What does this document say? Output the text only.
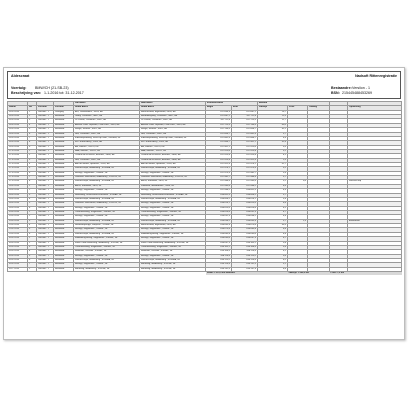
Aldescraat
Voertuig: BMW/CH (21-SB-23)
Beschrijving van: 1-1-2016 tot: 31-12-2017
Nadsoft Rittenregistratie
Bestaandre: Versiion - 1
BSN: 215445488453269
				Van Adres	Naar Adres	Kilometerstand		Afstand				
Datum	Rit	Persoon	Persoon	Straat Adres	Straat Adres	Begin	Eind	Zakelijk	Privé	Omweg		Opmerking
26-6-2016	1	Versiion - 1	Vestiging	A/S, Teuwenderis , 4993, BE	Bernnerstord, Blgenaarte, 4993, BE	187.644,3	187.687,2	19,7				
26-6-2016	2	Versiion - 1	Bestaand	Guthy, Chaumon , 4887, BE	Beemtbergweg, Chaumon , 4887, BE	187.687,2	187.711,8	12,5				
26-6-2016	3	Versiion - 1	Bestaand	Le Lienne, Chaumon , 4887, BE	Le Lienne, Chaumon , 4887, BE	187.711,8	187.723,5	11,7				
26-6-2016	4	Versiion - 1	Bestaand	Avenue Louis Lepoutre, Pole-Pons , 4933, BE	Avenue Louis Lepoutre, Pole-Pons , 4933, BE	187.723,5	187.766,5	43,0				
26-6-2016	5	Versiion - 1	Bestaand	Rouge, Slouron , 4801, BE	Rouge, Slouron , 4801, BE	187.766,5	187.858,7	92,2				
26-6-2016	6	Versiion - 1	Bestaand	NIB, Chaumon , 4887, BE	NIB, Chaumon , 4887, BE	187.858,7	187.862,4	3,7				
26-6-2016	7	Versiion - 1	Bestaand	Industrieparkweg, Schor op Sout , 4909HH, NL	Industrieparkweg, Schor op Sout , 4909HH, NL	187.862,4	187.868,7	6,3				
26-6-2016	8	Versiion - 1	Bestaand	Mt. Lauwersberg , 4993, BE	Mt. Lauwersberg , 4993, BE	187.868,7	187.901,1	32,4				
26-6-2016	9	Versiion - 1	Bestaand	Alk, Haaren , 52870, DE	Alk, Haaren , 52870, DE	187.901,1	187.910,6	9,5				
27-6-2016	1	Versiion - 1	Bestaand	BAB, Maarsh , 52870, DE	BAB, Maarsh , 52870, DE	187.910,6	187.915,8	5,2				
27-6-2016	2	Versiion - 1	Bestaand	Chemin de la Hesse, Bevenel , 4888, BE	Chemin de la Hesse, Bevenel , 4888, BE	187.915,8	187.919,9	4,1				
27-6-2016	3	Versiion - 1	Bestaand	NIB, Chaumon , 4887, BE	Chemin de la Hesse, Bevenel , 4888, BE	187.919,9	187.922,4	2,5				
27-6-2016	4	Versiion - 1	Bestaand	Alte de Natuur, Spriment , 4140, BE	Alte de Natuur, Spriment , 4140, BE	187.922,4	187.974,1	51,7				
27-6-2016	5	Versiion - 1	Bestaand	Walenscheplf, Middelburg , 4335MA, NL	Walenscheplf, Middelburg , 4335MA, NL	187.974,1	187.979,3	5,2				
27-6-2016	6	Versiion - 1	Bestaand	Bestrijp, Snijpmame , 4384BL, NL	Bestrijp, Snijpmame , 4384BL, NL	187.979,3	187.982,7	3,4				
27-6-2016	7	Versiion - 1	Bestaand	Dorbatse Jamestraat, Middelburg , 4332CE, NL	Dorbatse Jamestraat, Middelburg , 4332CE, NL	187.982,7	187.988,4	5,7				
27-6-2016	8	Versiion - 1	Bestaand	Walenscheplf, Middelburg , 4335MA, NL	Aacht, Staalwad , 4820, NL	187.988,4	187.993,6	5,2	0,6			Wacleuf aap
28-6-2016	1	Versiion - 1	Bestaand	Aacht, Staalwad , 4820, NL	Zadloorin, Mekdomaan , 4340, NL	187.993,6	187.998,2	4,6				
28-6-2016	2	Versiion - 1	Bestaand	Bestrijp, Snijpmame , 4384BL, NL	Bestrijp, Snijpmame , 4384BL, NL	187.998,2	188.002,5	4,3				
28-6-2016	3	Versiion - 1	Bestaand	Hoornweg, Serviceland Kerkheem , 4334AK, NL	Hoornweg, Serviceland Kerkheem , 4334AK, NL	188.002,5	188.008,2	5,7				
28-6-2016	4	Versiion - 1	Bestaand	Walenscheplf, Middelburg , 4335MA, NL	Walenscheplf, Middelburg , 4335MA, NL	188.008,2	188.014,1	5,9				
28-6-2016	5	Versiion - 1	Bestaand	Dorbatse Jamestraat, Middelburg , 4332CE, NL	Bestrijp, Snijpmame , 4384BL, NL	188.014,1	188.020,5	6,4				
28-6-2016	6	Versiion - 1	Bestaand	Bestrijp, Snijpmame , 4384BL, NL	Bestrijp, Snijpmame , 4384BL, NL	188.020,5	188.026,6	6,1				
29-6-2016	1	Versiion - 1	Bestaand	Oosthavenweg, Snijpmame , 4384BL, NL	Oosthavenweg, Snijpmame , 4384BL, NL	188.026,6	188.031,3	4,7				
29-6-2016	2	Versiion - 1	Bestaand	Bestrijp, Snijpmame , 4384BL, NL	Bestrijp, Snijpmame , 4384BL, NL	188.031,3	188.038,2	6,9				
29-6-2016	3	Versiion - 1	Bestaand	Walenscheplf, Middelburg , 4335MA, NL	Walenscheplf, Middelburg , 4335MA, NL	188.038,2	188.043,9	5,7	2,3			bouwmarkt
29-6-2016	4	Versiion - 1	Bestaand	Helmetaapsepje, Simpson , 1154HP, NL	Bernnerstord, Blgenaarte, 4993, BE	188.043,9	188.079,4	35,5				
29-6-2016	5	Versiion - 1	Bestaand	Bestrijp, Snijpmame , 4384BL, NL	Bestrijp, Snijpmame , 4384BL, NL	188.079,4	188.085,8	6,4				
29-6-2016	6	Versiion - 1	Bestaand	Walenscheplf, Middelburg , 4335MA, NL	Middelburgseweg, Snijpmame , 4384BL, NL	188.085,8	188.090,6	4,8				
30-6-2016	1	Versiion - 1	Bestaand	Middelburgseweg, Snijpmame , 4384BL, NL	Bestrijp, Snijpmame , 4384BL, NL	188.090,6	188.097,3	6,7				
30-6-2016	2	Versiion - 1	Bestaand	Kleen Oude Havenstrg, Middelburg , 4331HP, NL	Kleen Oude Havenstrg, Middelburg , 4331HP, NL	188.097,3	188.103,1	5,8				
30-6-2016	3	Versiion - 1	Bestaand	Oosthavenweg, Snijpmame , 4384BL, NL	Oosthavenweg, Snijpmame , 4384BL, NL	188.103,1	188.108,5	5,4				
30-6-2016	4	Versiion - 1	Bestaand	Rebelfort, Vlissiam , 4384BL, NL	Rebelfort, Vlissiam , 4384BL, NL	188.108,5	188.114,6	6,1				
30-6-2016	5	Versiion - 1	Bestaand	Bestrijp, Snijpmame , 4384BL, NL	Bestrijp, Snijpmame , 4384BL, NL	188.114,6	188.120,2	5,6				
30-6-2016	6	Versiion - 1	Bestaand	Walenscheplf, Middelburg , 4335MA, NL	Walenscheplf, Middelburg , 4335MA, NL	188.120,2	188.126,4	6,2				
30-6-2016	7	Versiion - 1	Bestaand	Bestrijp, Snijpmame , 4384BL, NL	Bahnweg, Middelburg , 4332HP, NL	188.126,4	188.131,5	5,1				
30-7-2016	1	Versiion - 1	Bestaand	Bahnweg, Middelburg , 4332HP, NL	Bahnweg, Middelburg , 4332HP, NL	188.131,5	188.137,9	6,4				
						Totaal: 1.210,0 km waarvan:			Zakelijk: 1.208,0 km		Privé: 1,0 km	
